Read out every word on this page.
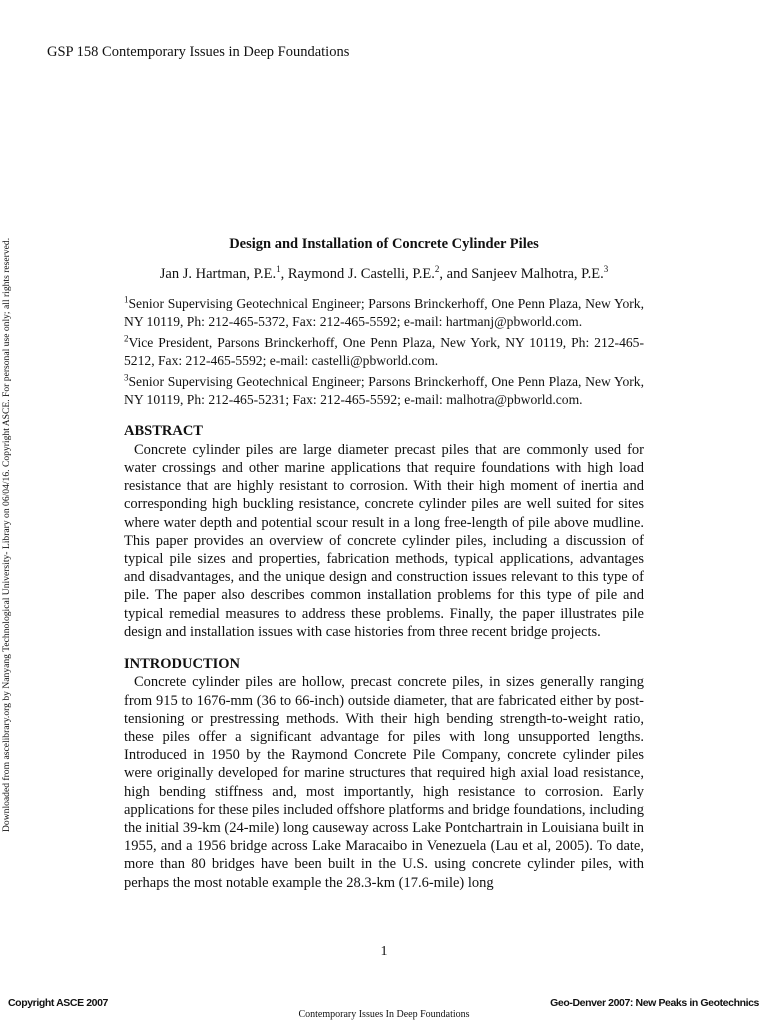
GSP 158 Contemporary Issues in Deep Foundations
Downloaded from ascelibrary.org by Nanyang Technological University- Library on 06/04/16. Copyright ASCE. For personal use only; all rights reserved.	Design and Installation of Concrete Cylinder Piles
Jan J. Hartman, P.E.$^1$, Raymond J. Castelli, P.E.$^2$, and Sanjeev Malhotra, P.E.$^3$

$^1$Senior Supervising Geotechnical Engineer; Parsons Brinckerhoff, One Penn Plaza, New York, NY 10119, Ph: 212-465-5372, Fax: 212-465-5592; e-mail: hartmanj@pbworld.com.

$^2$Vice President, Parsons Brinckerhoff, One Penn Plaza, New York, NY 10119, Ph: 212-465-5212, Fax: 212-465-5592; e-mail: castelli@pbworld.com.

$^3$Senior Supervising Geotechnical Engineer; Parsons Brinckerhoff, One Penn Plaza, New York, NY 10119, Ph: 212-465-5231; Fax: 212-465-5592; e-mail: malhotra@pbworld.com.

ABSTRACT

Concrete cylinder piles are large diameter precast piles that are commonly used for water crossings and other marine applications that require foundations with high load resistance that are highly resistant to corrosion. With their high moment of inertia and corresponding high buckling resistance, concrete cylinder piles are well suited for sites where water depth and potential scour result in a long free-length of pile above mudline. This paper provides an overview of concrete cylinder piles, including a discussion of typical pile sizes and properties, fabrication methods, typical applications, advantages and disadvantages, and the unique design and construction issues relevant to this type of pile. The paper also describes common installation problems for this type of pile and typical remedial measures to address these problems. Finally, the paper illustrates pile design and installation issues with case histories from three recent bridge projects.

INTRODUCTION

Concrete cylinder piles are hollow, precast concrete piles, in sizes generally ranging from 915 to 1676-mm (36 to 66-inch) outside diameter, that are fabricated either by post-tensioning or prestressing methods. With their high bending strength-to-weight ratio, these piles offer a significant advantage for piles with long unsupported lengths. Introduced in 1950 by the Raymond Concrete Pile Company, concrete cylinder piles were originally developed for marine structures that required high axial load resistance, high bending stiffness and, most importantly, high resistance to corrosion. Early applications for these piles included offshore platforms and bridge foundations, including the initial 39-km (24-mile) long causeway across Lake Pontchartrain in Louisiana built in 1955, and a 1956 bridge across Lake Maracaibo in Venezuela (Lau et al, 2005). To date, more than 80 bridges have been built in the U.S. using concrete cylinder piles, with perhaps the most notable example the 28.3-km (17.6-mile) long

1
Copyright ASCE 2007	Geo-Denver 2007: New Peaks in Geotechnics
Contemporary Issues In Deep Foundations
